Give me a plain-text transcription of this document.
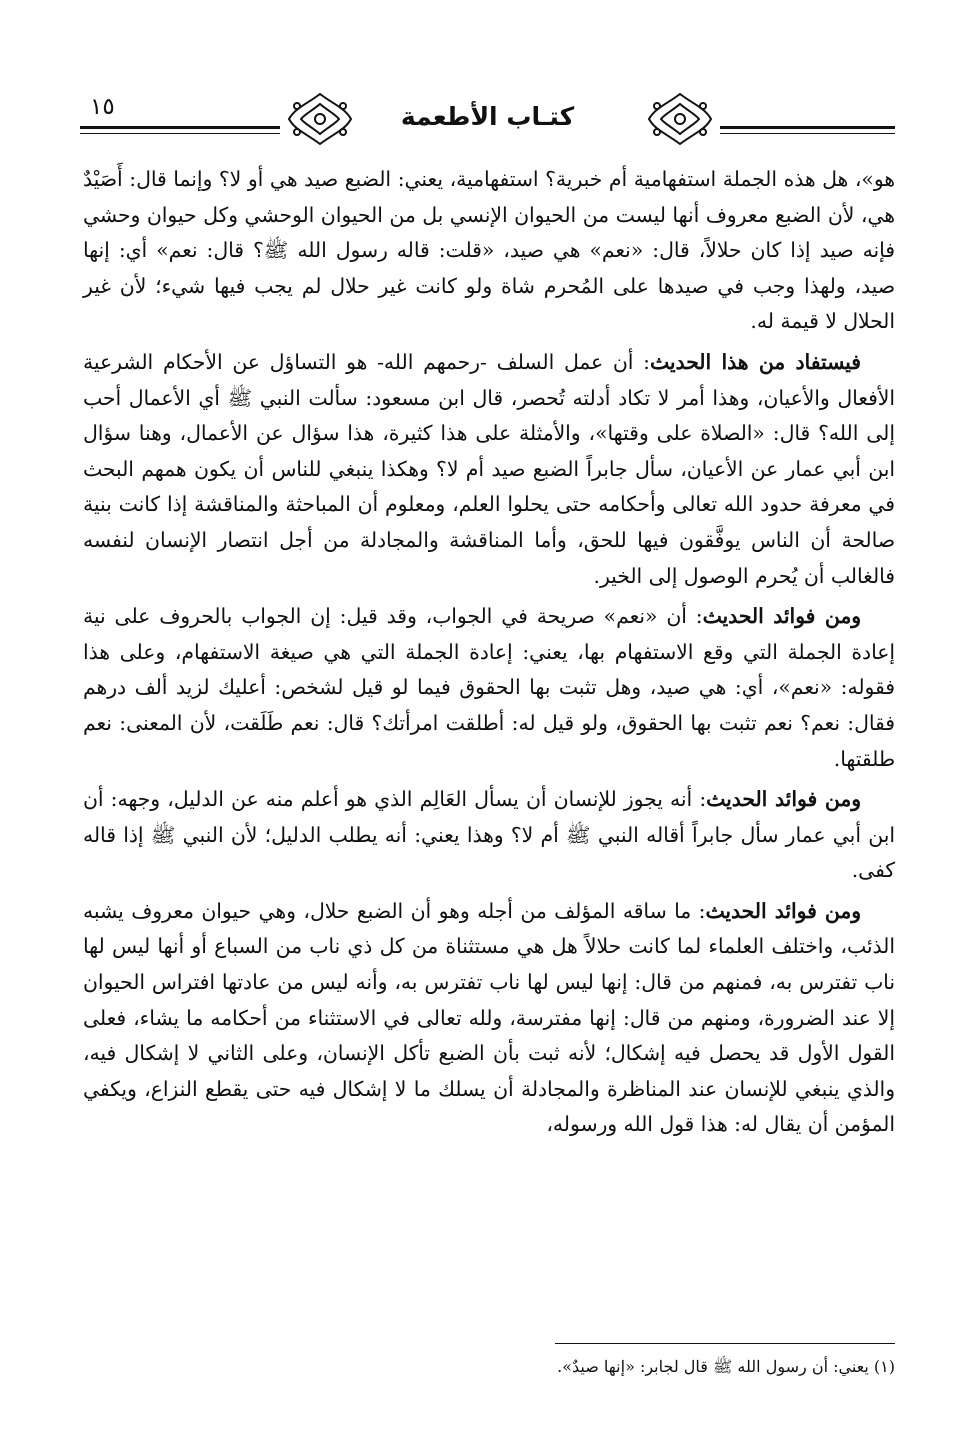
كتـاب الأطعمة
١٥

هو»، هل هذه الجملة استفهامية أم خبرية؟ استفهامية، يعني: الضبع صيد هي أو لا؟ وإنما قال: أَصَيْدٌ هي، لأن الضبع معروف أنها ليست من الحيوان الإنسي بل من الحيوان الوحشي وكل حيوان وحشي فإنه صيد إذا كان حلالاً، قال: «نعم» هي صيد، «قلت: قاله رسول الله ﷺ؟ قال: نعم» أي: إنها صيد، ولهذا وجب في صيدها على المُحرم شاة ولو كانت غير حلال لم يجب فيها شيء؛ لأن غير الحلال لا قيمة له.

فيستفاد من هذا الحديث: أن عمل السلف -رحمهم الله- هو التساؤل عن الأحكام الشرعية الأفعال والأعيان، وهذا أمر لا تكاد أدلته تُحصر، قال ابن مسعود: سألت النبي ﷺ أي الأعمال أحب إلى الله؟ قال: «الصلاة على وقتها»، والأمثلة على هذا كثيرة، هذا سؤال عن الأعمال، وهنا سؤال ابن أبي عمار عن الأعيان، سأل جابراً الضبع صيد أم لا؟ وهكذا ينبغي للناس أن يكون همهم البحث في معرفة حدود الله تعالى وأحكامه حتى يحلوا العلم، ومعلوم أن المباحثة والمناقشة إذا كانت بنية صالحة أن الناس يوفَّقون فيها للحق، وأما المناقشة والمجادلة من أجل انتصار الإنسان لنفسه فالغالب أن يُحرم الوصول إلى الخير.

ومن فوائد الحديث: أن «نعم» صريحة في الجواب، وقد قيل: إن الجواب بالحروف على نية إعادة الجملة التي وقع الاستفهام بها، يعني: إعادة الجملة التي هي صيغة الاستفهام، وعلى هذا فقوله: «نعم»، أي: هي صيد، وهل تثبت بها الحقوق فيما لو قيل لشخص: أعليك لزيد ألف درهم فقال: نعم؟ نعم تثبت بها الحقوق، ولو قيل له: أطلقت امرأتك؟ قال: نعم طَلَقت، لأن المعنى: نعم طلقتها.

ومن فوائد الحديث: أنه يجوز للإنسان أن يسأل العَالِم الذي هو أعلم منه عن الدليل، وجهه: أن ابن أبي عمار سأل جابراً أقاله النبي ﷺ أم لا؟ وهذا يعني: أنه يطلب الدليل؛ لأن النبي ﷺ إذا قاله كفى.

ومن فوائد الحديث: ما ساقه المؤلف من أجله وهو أن الضبع حلال، وهي حيوان معروف يشبه الذئب، واختلف العلماء لما كانت حلالاً هل هي مستثناة من كل ذي ناب من السباع أو أنها ليس لها ناب تفترس به، فمنهم من قال: إنها ليس لها ناب تفترس به، وأنه ليس من عادتها افتراس الحيوان إلا عند الضرورة، ومنهم من قال: إنها مفترسة، ولله تعالى في الاستثناء من أحكامه ما يشاء، فعلى القول الأول قد يحصل فيه إشكال؛ لأنه ثبت بأن الضبع تأكل الإنسان، وعلى الثاني لا إشكال فيه، والذي ينبغي للإنسان عند المناظرة والمجادلة أن يسلك ما لا إشكال فيه حتى يقطع النزاع، ويكفي المؤمن أن يقال له: هذا قول الله ورسوله،

(١) يعني: أن رسول الله ﷺ قال لجابر: «إنها صيدٌ».
